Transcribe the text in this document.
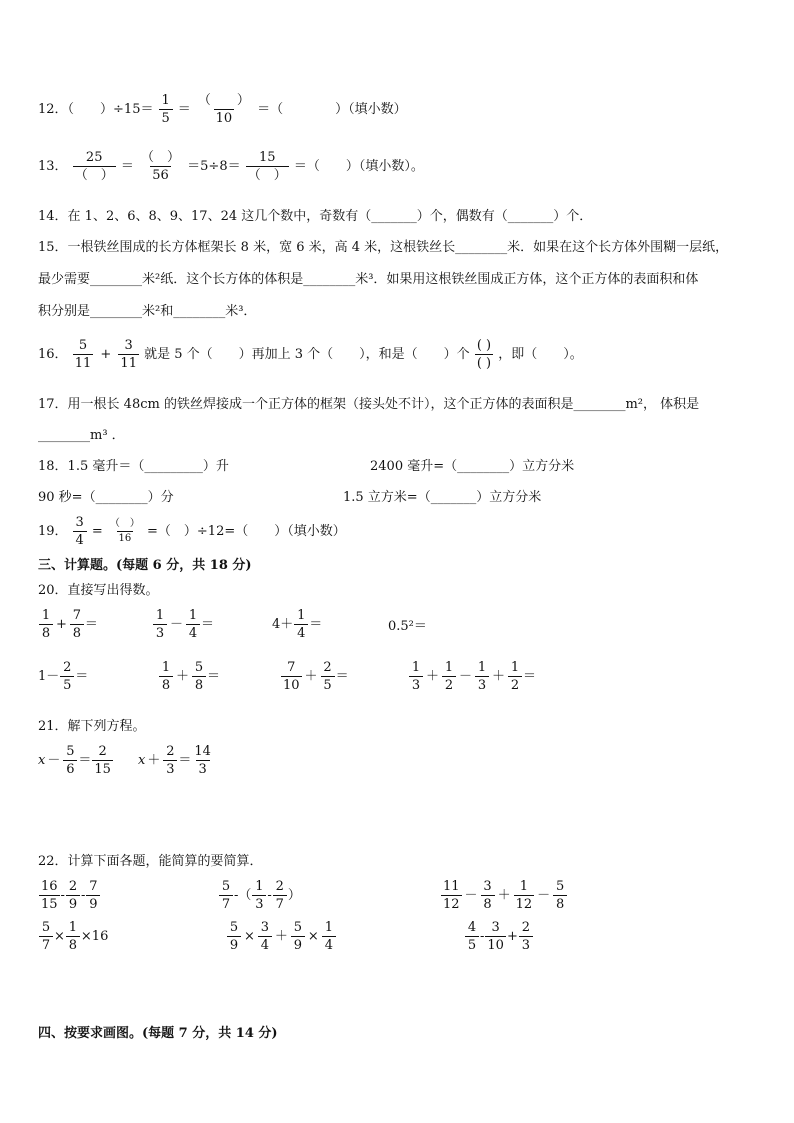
12．（　　）$\div 15= \frac{1}{5} = \frac{( )}{10}$ ＝（　　　　）（填小数）
13． $\frac{25}{( )} = \frac{( )}{56} =5\div 8= \frac{15}{( )}$ ＝（　　）（填小数）。
14．在 1、2、6、8、9、17、24 这几个数中，奇数有（_______）个，偶数有（_______）个．
15．一根铁丝围成的长方体框架长 8 米，宽 6 米，高 4 米，这根铁丝长________米．如果在这个长方体外围糊一层纸，
最少需要________米²纸．这个长方体的体积是________米³．如果用这根铁丝围成正方体，这个正方体的表面积和体
积分别是________米²和________米³．
16． $\frac{5}{11} + \frac{3}{11}$ 就是 5 个（　　）再加上 3 个（　　），和是（　　）个 $\frac{( )}{( )}$ ，即（　　）。
17．用一根长 48cm 的铁丝焊接成一个正方体的框架（接头处不计），这个正方体的表面积是________m²， 体积是
________m³ ．
18．1.5 毫升＝（_________）升	2400 毫升=（________）立方分米
90 秒=（________）分	1.5 立方米=（_______）立方分米
19． $\frac{3}{4} = \frac{( )}{16}$ =（　）÷12=（　　）（填小数）
三、计算题。(每题 6 分，共 18 分)
20．直接写出得数。
$\frac{1}{8} + \frac{7}{8}$ ＝	$\frac{1}{3} - \frac{1}{4}$ ＝	$4+ \frac{1}{4}$ ＝	0.5²＝
$1- \frac{2}{5}$ ＝	$\frac{1}{8} + \frac{5}{8}$ ＝	$\frac{7}{10} + \frac{2}{5}$ ＝	$\frac{1}{3} + \frac{1}{2} - \frac{1}{3} + \frac{1}{2}$ ＝
21．解下列方程。
$x - \frac{5}{6} = \frac{2}{15}$ $x + \frac{2}{3} = \frac{14}{3}$
22．计算下面各题，能简算的要简算．
$\frac{16}{15} - \frac{2}{9} - \frac{7}{9}$	$\frac{5}{7}$ -（ $\frac{1}{3} - \frac{2}{7}$ ）	$\frac{11}{12} - \frac{3}{8} + \frac{1}{12} - \frac{5}{8}$
$\frac{5}{7} \times \frac{1}{8} \times 16$	$\frac{5}{9} \times \frac{3}{4} + \frac{5}{9} \times \frac{1}{4}$	$\frac{4}{5} - \frac{3}{10} + \frac{2}{3}$
四、按要求画图。(每题 7 分，共 14 分)
